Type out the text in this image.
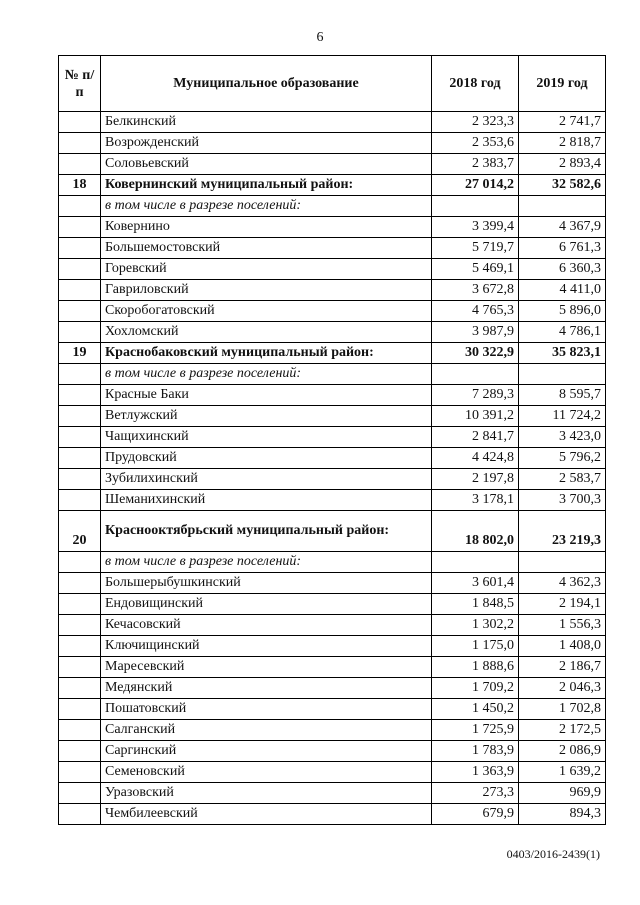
6
№ п/п	Муниципальное образование	2018 год	2019 год
	Белкинский	2 323,3	2 741,7
	Возрожденский	2 353,6	2 818,7
	Соловьевский	2 383,7	2 893,4
18	Ковернинский муниципальный район:	27 014,2	32 582,6
	в том числе в разрезе поселений:		
	Ковернино	3 399,4	4 367,9
	Большемостовский	5 719,7	6 761,3
	Горевский	5 469,1	6 360,3
	Гавриловский	3 672,8	4 411,0
	Скоробогатовский	4 765,3	5 896,0
	Хохломский	3 987,9	4 786,1
19	Краснобаковский муниципальный район:	30 322,9	35 823,1
	в том числе в разрезе поселений:		
	Красные Баки	7 289,3	8 595,7
	Ветлужский	10 391,2	11 724,2
	Чащихинский	2 841,7	3 423,0
	Прудовский	4 424,8	5 796,2
	Зубилихинский	2 197,8	2 583,7
	Шеманихинский	3 178,1	3 700,3
20	Краснооктябрьский муниципальный район:	18 802,0	23 219,3
	в том числе в разрезе поселений:		
	Большерыбушкинский	3 601,4	4 362,3
	Ендовищинский	1 848,5	2 194,1
	Кечасовский	1 302,2	1 556,3
	Ключищинский	1 175,0	1 408,0
	Маресевский	1 888,6	2 186,7
	Медянский	1 709,2	2 046,3
	Пошатовский	1 450,2	1 702,8
	Салганский	1 725,9	2 172,5
	Саргинский	1 783,9	2 086,9
	Семеновский	1 363,9	1 639,2
	Уразовский	273,3	969,9
	Чембилеевский	679,9	894,3
0403/2016-2439(1)
